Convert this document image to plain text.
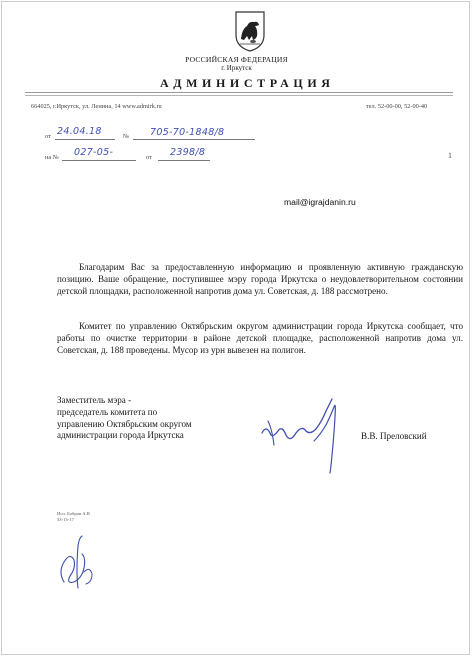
РОССИЙСКАЯ ФЕДЕРАЦИЯ
г. Иркутск
АДМИНИСТРАЦИЯ
664025, г.Иркутск, ул. Ленина, 14 www.admirk.ru	тел. 52-00-00, 52-00-40
от 24.04.18	№ 705-70-1848/8
на № 027-05-	от 2398/8	1
mail@igrajdanin.ru

Благодарим Вас за предоставленную информацию и проявленную активную гражданскую позицию. Ваше обращение, поступившее мэру города Иркутска о неудовлетворительном состоянии детской площадки, расположенной напротив дома ул. Советская, д. 188 рассмотрено.

Комитет по управлению Октябрьским округом администрации города Иркутска сообщает, что работы по очистке территории в районе детской площадке, расположенной напротив дома ул. Советская, д. 188 проведены. Мусор из урн вывезен на полигон.

Заместитель мэра -
председатель комитета по
управлению Октябрьским округом
администрации города Иркутска	В.В. Преловский
Исп. Бобров А.В
33-13-17
